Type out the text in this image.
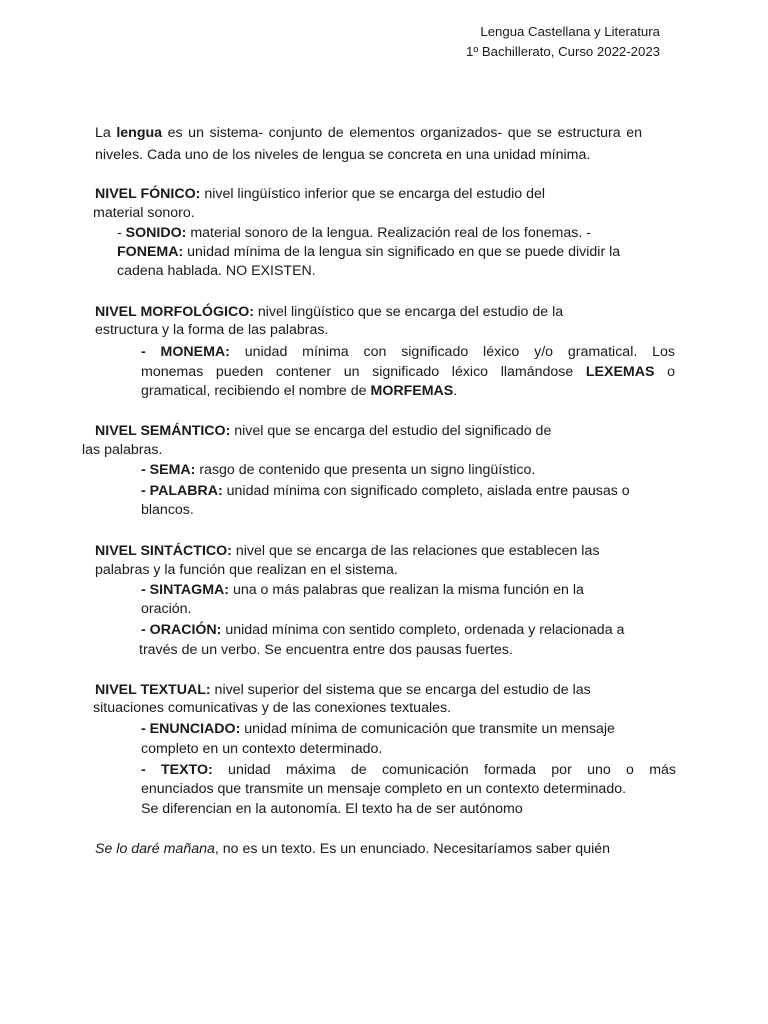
Lengua Castellana y Literatura
1º Bachillerato, Curso 2022-2023
La lengua es un sistema- conjunto de elementos organizados- que se estructura en
niveles. Cada uno de los niveles de lengua se concreta en una unidad mínima.
NIVEL FÓNICO: nivel lingüístico inferior que se encarga del estudio del
material sonoro.
- SONIDO: material sonoro de la lengua. Realización real de los fonemas. -
FONEMA: unidad mínima de la lengua sin significado en que se puede dividir la
cadena hablada. NO EXISTEN.
NIVEL MORFOLÓGICO: nivel lingüístico que se encarga del estudio de la
estructura y la forma de las palabras.
- MONEMA: unidad mínima con significado léxico y/o gramatical. Los
monemas pueden contener un significado léxico llamándose LEXEMAS o
gramatical, recibiendo el nombre de MORFEMAS.
NIVEL SEMÁNTICO: nivel que se encarga del estudio del significado de
las palabras.
- SEMA: rasgo de contenido que presenta un signo lingüístico.
- PALABRA: unidad mínima con significado completo, aislada entre pausas o
blancos.
NIVEL SINTÁCTICO: nivel que se encarga de las relaciones que establecen las
palabras y la función que realizan en el sistema.
- SINTAGMA: una o más palabras que realizan la misma función en la
oración.
- ORACIÓN: unidad mínima con sentido completo, ordenada y relacionada a
través de un verbo. Se encuentra entre dos pausas fuertes.
NIVEL TEXTUAL: nivel superior del sistema que se encarga del estudio de las
situaciones comunicativas y de las conexiones textuales.
- ENUNCIADO: unidad mínima de comunicación que transmite un mensaje
completo en un contexto determinado.
- TEXTO: unidad máxima de comunicación formada por uno o más
enunciados que transmite un mensaje completo en un contexto determinado.
Se diferencian en la autonomía. El texto ha de ser autónomo
Se lo daré mañana, no es un texto. Es un enunciado. Necesitaríamos saber quién
